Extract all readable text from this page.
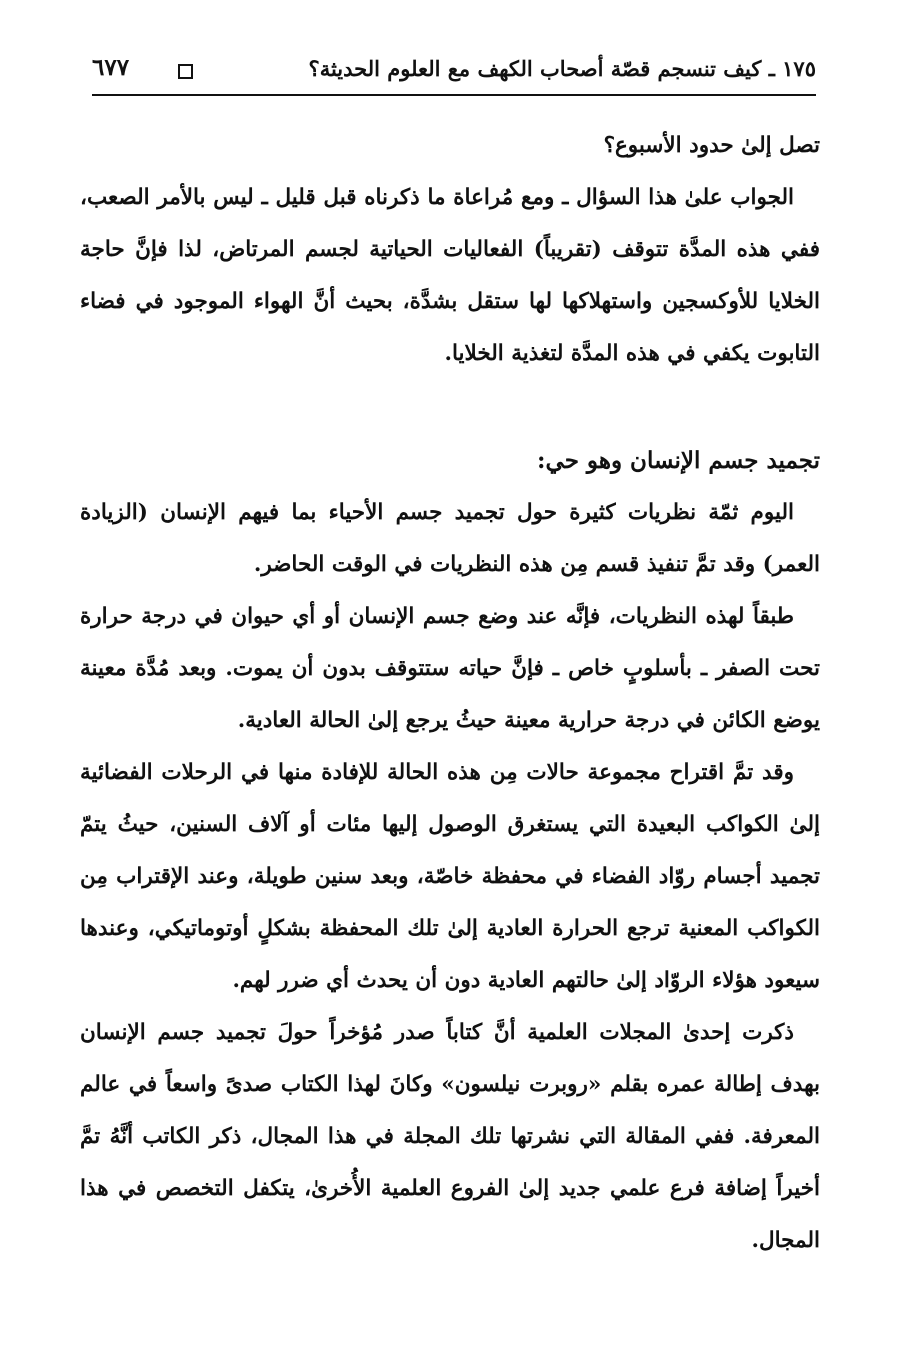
١٧٥ ـ كيف تنسجم قصّة أصحاب الكهف مع العلوم الحديثة؟
٦٧٧

تصل إلىٰ حدود الأسبوع؟

الجواب علىٰ هذا السؤال ـ ومع مُراعاة ما ذكرناه قبل قليل ـ ليس بالأمر الصعب، ففي هذه المدَّة تتوقف (تقريباً) الفعاليات الحياتية لجسم المرتاض، لذا فإنَّ حاجة الخلايا للأوكسجين واستهلاكها لها ستقل بشدَّة، بحيث أنَّ الهواء الموجود في فضاء التابوت يكفي في هذه المدَّة لتغذية الخلايا.

تجميد جسم الإنسان وهو حي:

اليوم ثمّة نظريات كثيرة حول تجميد جسم الأحياء بما فيهم الإنسان (الزيادة العمر) وقد تمَّ تنفيذ قسم مِن هذه النظريات في الوقت الحاضر.

طبقاً لهذه النظريات، فإنَّه عند وضع جسم الإنسان أو أي حيوان في درجة حرارة تحت الصفر ـ بأسلوبٍ خاص ـ فإنَّ حياته ستتوقف بدون أن يموت. وبعد مُدَّة معينة يوضع الكائن في درجة حرارية معينة حيثُ يرجع إلىٰ الحالة العادية.

وقد تمَّ اقتراح مجموعة حالات مِن هذه الحالة للإفادة منها في الرحلات الفضائية إلىٰ الكواكب البعيدة التي يستغرق الوصول إليها مئات أو آلاف السنين، حيثُ يتمّ تجميد أجسام روّاد الفضاء في محفظة خاصّة، وبعد سنين طويلة، وعند الإقتراب مِن الكواكب المعنية ترجع الحرارة العادية إلىٰ تلك المحفظة بشكلٍ أوتوماتيكي، وعندها سيعود هؤلاء الروّاد إلىٰ حالتهم العادية دون أن يحدث أي ضرر لهم.

ذكرت إحدىٰ المجلات العلمية أنَّ كتاباً صدر مُؤخراً حولَ تجميد جسم الإنسان بهدف إطالة عمره بقلم «روبرت نيلسون» وكانَ لهذا الكتاب صدىً واسعاً في عالم المعرفة. ففي المقالة التي نشرتها تلك المجلة في هذا المجال، ذكر الكاتب أنَّهُ تمَّ أخيراً إضافة فرع علمي جديد إلىٰ الفروع العلمية الأُخرىٰ، يتكفل التخصص في هذا المجال.
